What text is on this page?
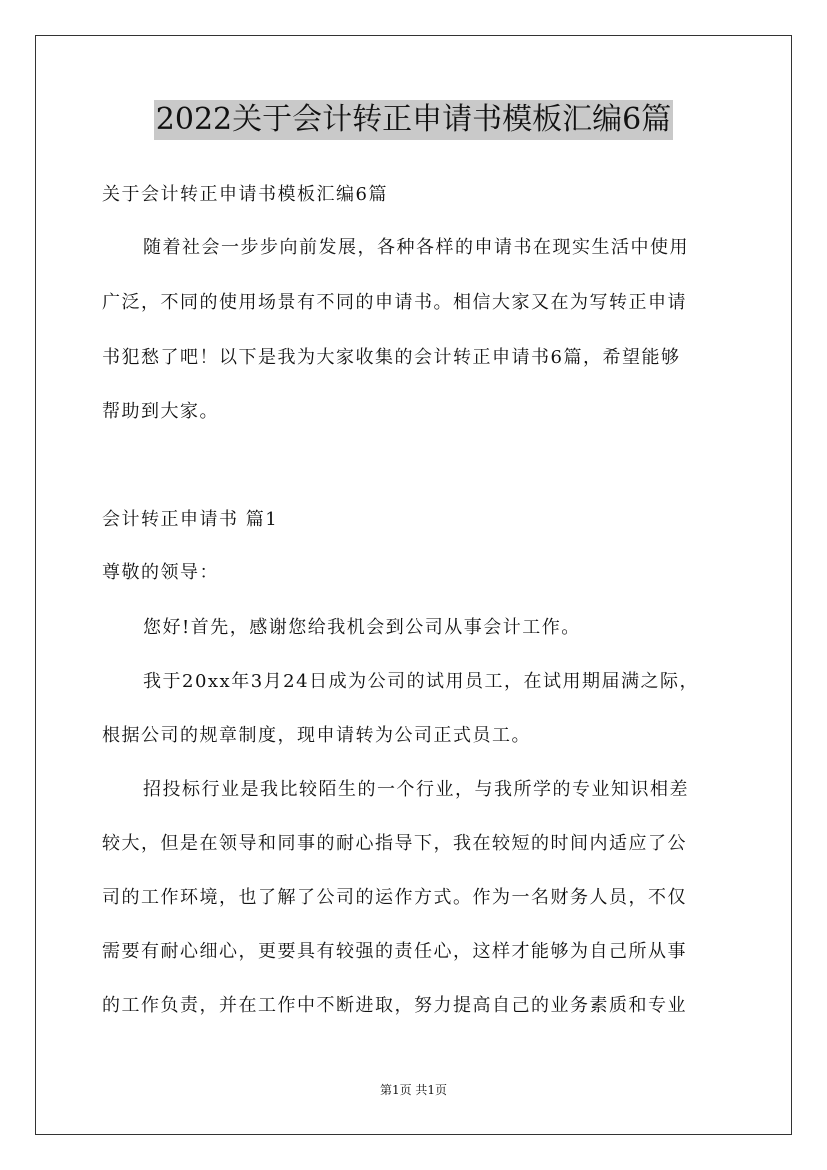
2022关于会计转正申请书模板汇编6篇
关于会计转正申请书模板汇编6篇
随着社会一步步向前发展，各种各样的申请书在现实生活中使用
广泛，不同的使用场景有不同的申请书。相信大家又在为写转正申请
书犯愁了吧！以下是我为大家收集的会计转正申请书6篇，希望能够
帮助到大家。
会计转正申请书 篇1
尊敬的领导：
您好!首先，感谢您给我机会到公司从事会计工作。
我于20xx年3月24日成为公司的试用员工，在试用期届满之际，
根据公司的规章制度，现申请转为公司正式员工。
招投标行业是我比较陌生的一个行业，与我所学的专业知识相差
较大，但是在领导和同事的耐心指导下，我在较短的时间内适应了公
司的工作环境，也了解了公司的运作方式。作为一名财务人员，不仅
需要有耐心细心，更要具有较强的责任心，这样才能够为自己所从事
的工作负责，并在工作中不断进取，努力提高自己的业务素质和专业
第1页 共1页
